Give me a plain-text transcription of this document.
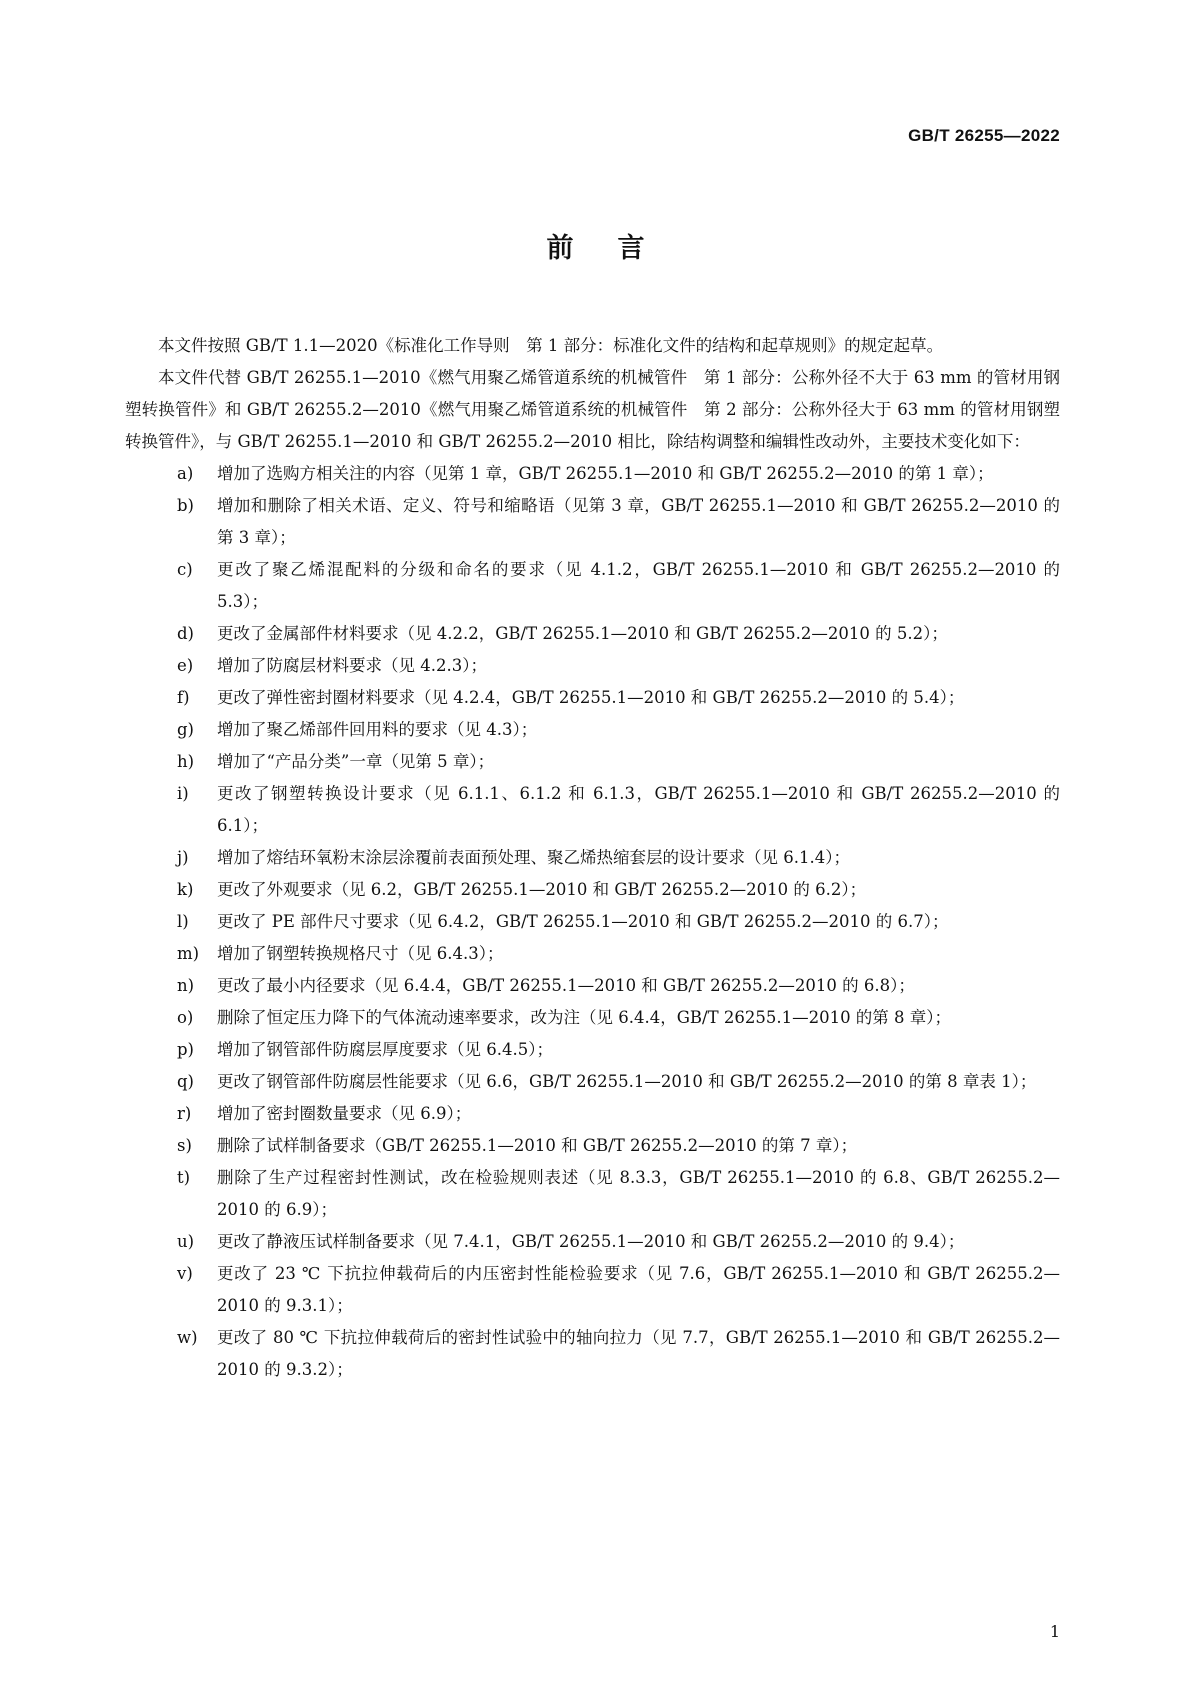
GB/T 26255—2022
前言

本文件按照 GB/T 1.1—2020《标准化工作导则　第 1 部分：标准化文件的结构和起草规则》的规定起草。

本文件代替 GB/T 26255.1—2010《燃气用聚乙烯管道系统的机械管件　第 1 部分：公称外径不大于 63 mm 的管材用钢塑转换管件》和 GB/T 26255.2—2010《燃气用聚乙烯管道系统的机械管件　第 2 部分：公称外径大于 63 mm 的管材用钢塑转换管件》，与 GB/T 26255.1—2010 和 GB/T 26255.2—2010 相比，除结构调整和编辑性改动外，主要技术变化如下：

a) 增加了选购方相关注的内容（见第 1 章，GB/T 26255.1—2010 和 GB/T 26255.2—2010 的第 1 章）；
b) 增加和删除了相关术语、定义、符号和缩略语（见第 3 章，GB/T 26255.1—2010 和 GB/T 26255.2—2010 的第 3 章）；
c) 更改了聚乙烯混配料的分级和命名的要求（见 4.1.2，GB/T 26255.1—2010 和 GB/T 26255.2—2010 的 5.3）；
d) 更改了金属部件材料要求（见 4.2.2，GB/T 26255.1—2010 和 GB/T 26255.2—2010 的 5.2）；
e) 增加了防腐层材料要求（见 4.2.3）；
f) 更改了弹性密封圈材料要求（见 4.2.4，GB/T 26255.1—2010 和 GB/T 26255.2—2010 的 5.4）；
g) 增加了聚乙烯部件回用料的要求（见 4.3）；
h) 增加了“产品分类”一章（见第 5 章）；
i) 更改了钢塑转换设计要求（见 6.1.1、6.1.2 和 6.1.3，GB/T 26255.1—2010 和 GB/T 26255.2—2010 的 6.1）；
j) 增加了熔结环氧粉末涂层涂覆前表面预处理、聚乙烯热缩套层的设计要求（见 6.1.4）；
k) 更改了外观要求（见 6.2，GB/T 26255.1—2010 和 GB/T 26255.2—2010 的 6.2）；
l) 更改了 PE 部件尺寸要求（见 6.4.2，GB/T 26255.1—2010 和 GB/T 26255.2—2010 的 6.7）；
m) 增加了钢塑转换规格尺寸（见 6.4.3）；
n) 更改了最小内径要求（见 6.4.4，GB/T 26255.1—2010 和 GB/T 26255.2—2010 的 6.8）；
o) 删除了恒定压力降下的气体流动速率要求，改为注（见 6.4.4，GB/T 26255.1—2010 的第 8 章）；
p) 增加了钢管部件防腐层厚度要求（见 6.4.5）；
q) 更改了钢管部件防腐层性能要求（见 6.6，GB/T 26255.1—2010 和 GB/T 26255.2—2010 的第 8 章表 1）；
r) 增加了密封圈数量要求（见 6.9）；
s) 删除了试样制备要求（GB/T 26255.1—2010 和 GB/T 26255.2—2010 的第 7 章）；
t) 删除了生产过程密封性测试，改在检验规则表述（见 8.3.3，GB/T 26255.1—2010 的 6.8、GB/T 26255.2—2010 的 6.9）；
u) 更改了静液压试样制备要求（见 7.4.1，GB/T 26255.1—2010 和 GB/T 26255.2—2010 的 9.4）；
v) 更改了 23 ℃ 下抗拉伸载荷后的内压密封性能检验要求（见 7.6，GB/T 26255.1—2010 和 GB/T 26255.2—2010 的 9.3.1）；
w) 更改了 80 ℃ 下抗拉伸载荷后的密封性试验中的轴向拉力（见 7.7，GB/T 26255.1—2010 和 GB/T 26255.2—2010 的 9.3.2）；
1
